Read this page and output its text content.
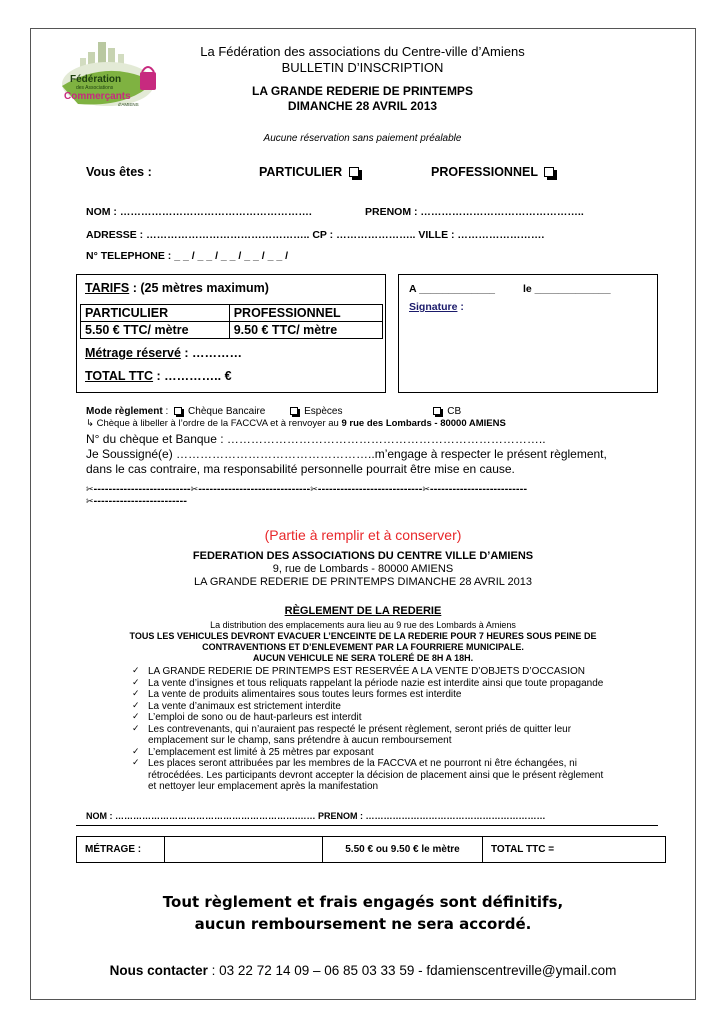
Fédération
des Associations
Commerçants
d'AMIENS
La Fédération des associations du Centre-ville d’Amiens
BULLETIN D’INSCRIPTION
LA GRANDE REDERIE DE PRINTEMPS
DIMANCHE 28 AVRIL 2013
Aucune réservation sans paiement préalable
Vous êtes :	PARTICULIER	PROFESSIONNEL
NOM : ……………………………………………….	PRENOM : ………………………………………..
ADRESSE : ……………………………………….. CP : ………………….. VILLE : …………………….
N° TELEPHONE : _ _ / _ _ / _ _ / _ _ / _ _ /
TARIFS : (25 mètres maximum)
PARTICULIER	PROFESSIONNEL
5.50 € TTC/ mètre	9.50 € TTC/ mètre
Métrage réservé : …………
TOTAL TTC : ………….. €
A _____________	le _____________
Signature :
Mode règlement : Chèque Bancaire	Espèces	CB
↳ Chèque à libeller à l’ordre de la FACCVA et à renvoyer au 9 rue des Lombards - 80000 AMIENS
N° du chèque et Banque : ……………………………………………………………………..
Je Soussigné(e) …………………………………………..m’engage à respecter le présent règlement,
dans le cas contraire, ma responsabilité personnelle pourrait être mise en cause.
✂--------------------------✂------------------------------✂----------------------------✂--------------------------
✂-------------------------
(Partie à remplir et à conserver)
FEDERATION DES ASSOCIATIONS DU CENTRE VILLE D’AMIENS
9, rue de Lombards - 80000 AMIENS
LA GRANDE REDERIE DE PRINTEMPS DIMANCHE 28 AVRIL 2013
RÈGLEMENT DE LA REDERIE
La distribution des emplacements aura lieu au 9 rue des Lombards à Amiens
TOUS LES VEHICULES DEVRONT EVACUER L’ENCEINTE DE LA REDERIE POUR 7 HEURES SOUS PEINE DE
CONTRAVENTIONS ET D’ENLEVEMENT PAR LA FOURRIERE MUNICIPALE.
AUCUN VEHICULE NE SERA TOLERÉ DE 8H A 18H.
✓ LA GRANDE REDERIE DE PRINTEMPS EST RESERVÉE A LA VENTE D’OBJETS D’OCCASION
✓ La vente d’insignes et tous reliquats rappelant la période nazie est interdite ainsi que toute propagande
✓ La vente de produits alimentaires sous toutes leurs formes est interdite
✓ La vente d’animaux est strictement interdite
✓ L’emploi de sono ou de haut-parleurs est interdit
✓ Les contrevenants, qui n’auraient pas respecté le présent règlement, seront priés de quitter leur emplacement sur le champ, sans prétendre à aucun remboursement
✓ L’emplacement est limité à 25 mètres par exposant
✓ Les places seront attribuées par les membres de la FACCVA et ne pourront ni être échangées, ni rétrocédées. Les participants devront accepter la décision de placement ainsi que le présent règlement et nettoyer leur emplacement après la manifestation
NOM : …………………………………………………….…… PRENOM : ……………………………………………………
MÉTRAGE :		5.50 € ou 9.50 € le mètre	TOTAL TTC =
Tout règlement et frais engagés sont définitifs,
aucun remboursement ne sera accordé.
Nous contacter : 03 22 72 14 09 – 06 85 03 33 59 - fdamienscentreville@ymail.com
